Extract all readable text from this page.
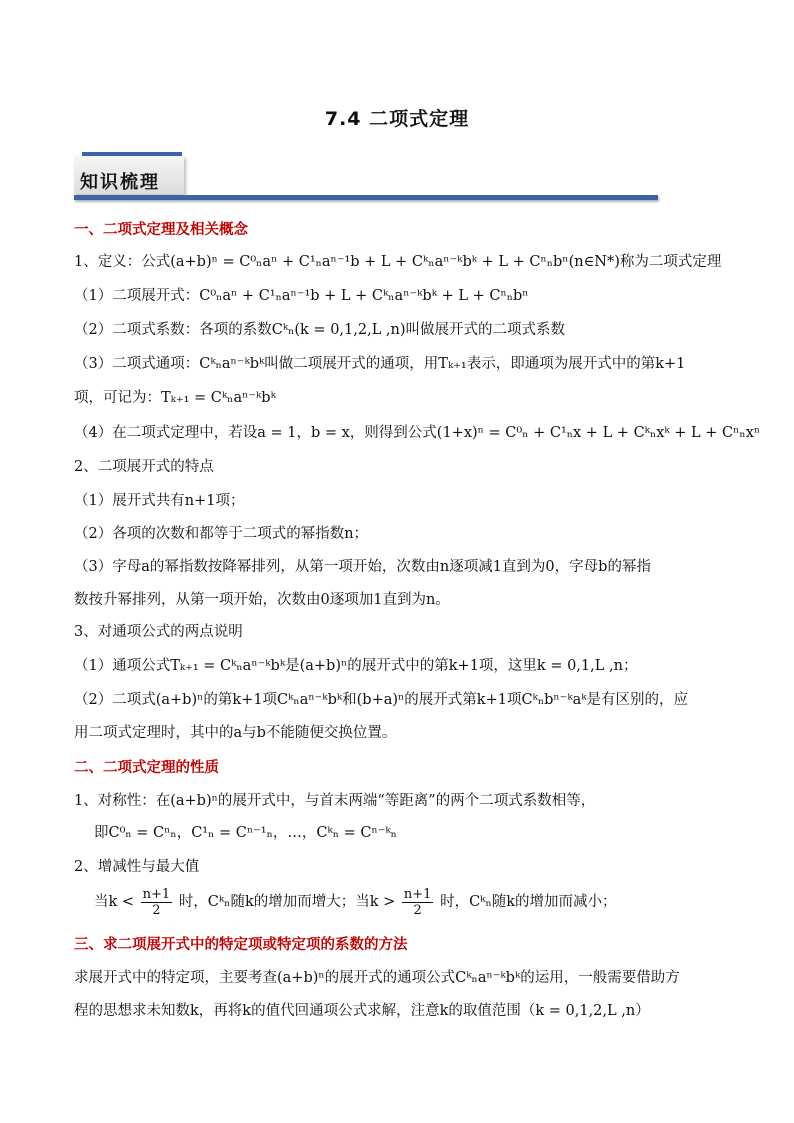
7.4 二项式定理
知识梳理
一、二项式定理及相关概念
1、定义：公式(a+b)ⁿ = C⁰ₙaⁿ + C¹ₙaⁿ⁻¹b + L + Cᵏₙaⁿ⁻ᵏbᵏ + L + Cⁿₙbⁿ(n∈N*)称为二项式定理
（1）二项展开式：C⁰ₙaⁿ + C¹ₙaⁿ⁻¹b + L + Cᵏₙaⁿ⁻ᵏbᵏ + L + Cⁿₙbⁿ
（2）二项式系数：各项的系数Cᵏₙ(k = 0,1,2,L ,n)叫做展开式的二项式系数
（3）二项式通项：Cᵏₙaⁿ⁻ᵏbᵏ叫做二项展开式的通项，用Tₖ₊₁表示，即通项为展开式中的第k+1
项，可记为：Tₖ₊₁ = Cᵏₙaⁿ⁻ᵏbᵏ
（4）在二项式定理中，若设a = 1，b = x，则得到公式(1+x)ⁿ = C⁰ₙ + C¹ₙx + L + Cᵏₙxᵏ + L + Cⁿₙxⁿ
2、二项展开式的特点
（1）展开式共有n+1项；
（2）各项的次数和都等于二项式的幂指数n；
（3）字母a的幂指数按降幂排列，从第一项开始，次数由n逐项减1直到为0，字母b的幂指
数按升幂排列，从第一项开始，次数由0逐项加1直到为n。
3、对通项公式的两点说明
（1）通项公式Tₖ₊₁ = Cᵏₙaⁿ⁻ᵏbᵏ是(a+b)ⁿ的展开式中的第k+1项，这里k = 0,1,L ,n；
（2）二项式(a+b)ⁿ的第k+1项Cᵏₙaⁿ⁻ᵏbᵏ和(b+a)ⁿ的展开式第k+1项Cᵏₙbⁿ⁻ᵏaᵏ是有区别的，应
用二项式定理时，其中的a与b不能随便交换位置。
二、二项式定理的性质
1、对称性：在(a+b)ⁿ的展开式中，与首末两端“等距离”的两个二项式系数相等，
即C⁰ₙ = Cⁿₙ，C¹ₙ = Cⁿ⁻¹ₙ，…，Cᵏₙ = Cⁿ⁻ᵏₙ
2、增减性与最大值
当$k < \frac{n+1}{2}$ 时，Cᵏₙ随k的增加而增大；当$k > \frac{n+1}{2}$ 时，Cᵏₙ随k的增加而减小；
三、求二项展开式中的特定项或特定项的系数的方法
求展开式中的特定项，主要考查(a+b)ⁿ的展开式的通项公式Cᵏₙaⁿ⁻ᵏbᵏ的运用，一般需要借助方
程的思想求未知数k，再将k的值代回通项公式求解，注意k的取值范围（k = 0,1,2,L ,n）
